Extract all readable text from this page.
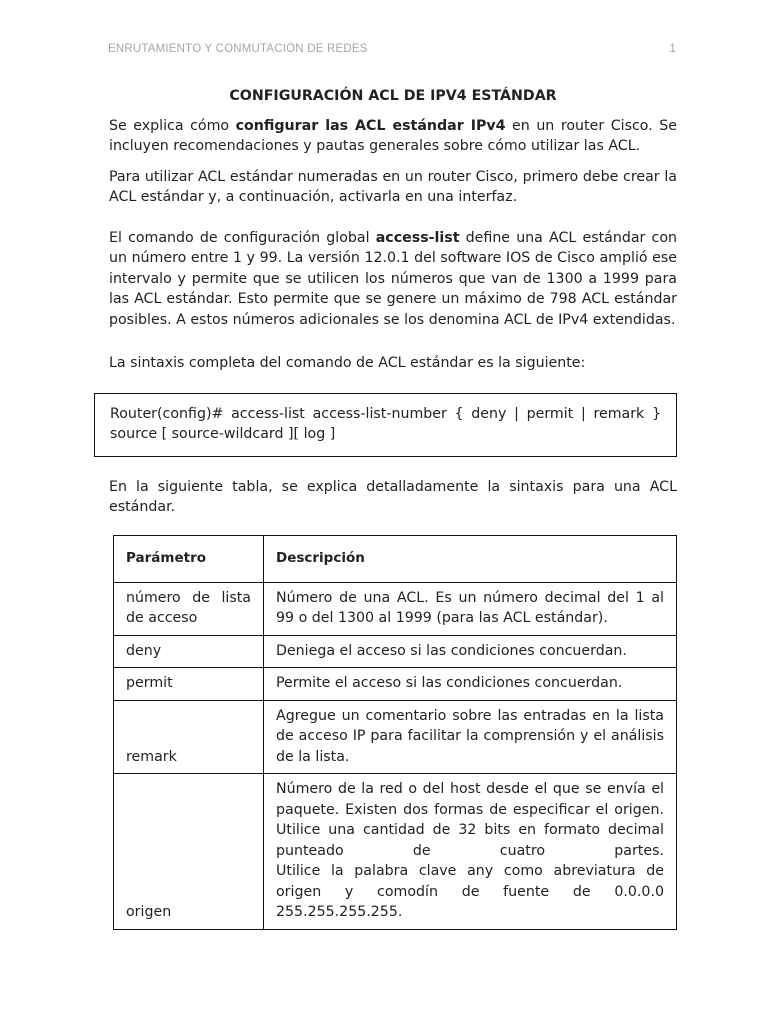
ENRUTAMIENTO Y CONMUTACIÓN DE REDES	1

CONFIGURACIÓN ACL DE IPV4 ESTÁNDAR

Se explica cómo configurar las ACL estándar IPv4 en un router Cisco. Se incluyen recomendaciones y pautas generales sobre cómo utilizar las ACL.

Para utilizar ACL estándar numeradas en un router Cisco, primero debe crear la ACL estándar y, a continuación, activarla en una interfaz.

El comando de configuración global access-list define una ACL estándar con un número entre 1 y 99. La versión 12.0.1 del software IOS de Cisco amplió ese intervalo y permite que se utilicen los números que van de 1300 a 1999 para las ACL estándar. Esto permite que se genere un máximo de 798 ACL estándar posibles. A estos números adicionales se los denomina ACL de IPv4 extendidas.

La sintaxis completa del comando de ACL estándar es la siguiente:

Router(config)# access-list access-list-number { deny | permit | remark } source [ source-wildcard ][ log ]

En la siguiente tabla, se explica detalladamente la sintaxis para una ACL estándar.

Parámetro	Descripción
número de lista de acceso	Número de una ACL. Es un número decimal del 1 al 99 o del 1300 al 1999 (para las ACL estándar).
deny	Deniega el acceso si las condiciones concuerdan.
permit	Permite el acceso si las condiciones concuerdan.
remark	Agregue un comentario sobre las entradas en la lista de acceso IP para facilitar la comprensión y el análisis de la lista.
origen	Número de la red o del host desde el que se envía el paquete. Existen dos formas de especificar el origen. Utilice una cantidad de 32 bits en formato decimal punteado de cuatro partes.
Utilice la palabra clave any como abreviatura de origen y comodín de fuente de 0.0.0.0 255.255.255.255.
